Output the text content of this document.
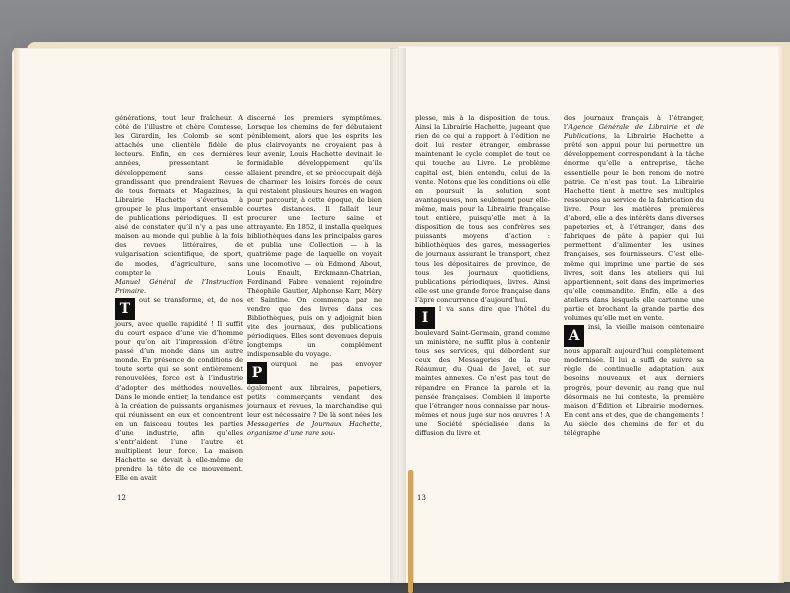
générations, tout leur fraîcheur. A côté de l’illustre et chère Comtesse, les Girardin, les Colomb se sont attachés une clientèle fidèle de lecteurs. Enfin, en ces dernières années, pressentant le développement sans cesse grandissant que prendraient Revues de tous formats et Magazines, la Librairie Hachette s’évertua à grouper le plus important ensemble de publications périodiques. Il est aisé de constater qu’il n’y a pas une maison au monde qui publie à la fois des revues littéraires, de vulgarisation scientifique, de sport, de modes, d’agriculture, sans compter le

Manuel Général de l’Instruction Primaire.

Tout se transforme, et, de nos jours, avec quelle rapidité ! Il suffit du court espace d’une vie d’homme pour qu’on ait l’impression d’être passé d’un monde dans un autre monde. En présence de conditions de toute sorte qui se sont entièrement renouvelées, force est à l’industrie d’adopter des méthodes nouvelles. Dans le monde entier, la tendance est à la création de puissants organismes qui réunissent en eux et concentrent en un faisceau toutes les parties d’une industrie, afin qu’elles s’entr’aident l’une l’autre et multiplient leur force. La maison Hachette se devait à elle-même de prendre la tête de ce mouvement. Elle en avait

discerné les premiers symptômes. Lorsque les chemins de fer débutaient péniblement, alors que les esprits les plus clairvoyants ne croyaient pas à leur avenir, Louis Hachette devinait le formidable développement qu’ils allaient prendre, et se préoccupait déjà de charmer les loisirs forcés de ceux qui restaient plusieurs heures en wagon pour parcourir, à cette époque, de bien courtes distances. Il fallait leur procurer une lecture saine et attrayante. En 1852, il installa quelques bibliothèques dans les principales gares et publia une Collection — à la quatrième page de laquelle on voyait une locomotive — où Edmond About, Louis Enault, Erckmann-Chatrian, Ferdinand Fabre venaient rejoindre Théophile Gautier, Alphonse Karr, Méry et Saintine. On commença par ne vendre que des livres dans ces Bibliothèques, puis on y adjoignit bien vite des journaux, des publications périodiques. Elles sont devenues depuis longtemps un complément indispensable du voyage.

Pourquoi ne pas envoyer également aux libraires, papetiers, petits commerçants vendant des journaux et revues, la marchandise qui leur est nécessaire ? De là sont nées les Messageries de Journaux Hachette, organisme d’une rare sou-

12

plesse, mis à la disposition de tous. Ainsi la Librairie Hachette, jugeant que rien de ce qui a rapport à l’édition ne doit lui rester étranger, embrasse maintenant le cycle complet de tout ce qui touche au Livre. Le problème capital est, bien entendu, celui de la vente. Notons que les conditions où elle en poursuit la solution sont avantageuses, non seulement pour elle-même, mais pour la Librairie française tout entière, puisqu’elle met à la disposition de tous ses confrères ses puissants moyens d’action : bibliothèques des gares, messageries de journaux assurant le transport, chez tous les dépositaires de province, de tous les journaux quotidiens, publications périodiques, livres. Ainsi elle est une grande force française dans l’âpre concurrence d’aujourd’hui.

Il va sans dire que l’hôtel du boulevard Saint-Germain, grand comme un ministère, ne suffit plus à contenir tous ses services, qui débordent sur ceux des Messageries de la rue Réaumur, du Quai de Javel, et sur maintes annexes. Ce n’est pas tout de répandre en France la parole et la pensée françaises. Combien il importe que l’étranger nous connaisse par nous-mêmes et nous juge sur nos œuvres ! A une Société spécialisée dans la diffusion du livre et

des journaux français à l’étranger, l’Agence Générale de Librairie et de Publications, la Librairie Hachette a prêté son appui pour lui permettre un développement correspondant à la tâche énorme qu’elle a entreprise, tâche essentielle pour le bon renom de notre patrie. Ce n’est pas tout. La Librairie Hachette tient à mettre ses multiples ressources au service de la fabrication du livre. Pour les matières premières d’abord, elle a des intérêts dans diverses papeteries et, à l’étranger, dans des fabriques de pâte à papier qui lui permettent d’alimenter les usines françaises, ses fournisseurs. C’est elle-même qui imprime une partie de ses livres, soit dans les ateliers qui lui appartiennent, soit dans des imprimeries qu’elle commandite. Enfin, elle a des ateliers dans lesquels elle cartonne une partie et brochant la grande partie des volumes qu’elle met en vente.

Ainsi, la vieille maison centenaire nous apparaît aujourd’hui complètement modernisée. Il lui a suffi de suivre sa règle de continuelle adaptation aux besoins nouveaux et aux derniers progrès, pour devenir, au rang que nul désormais ne lui conteste, la première maison d’Édition et Librairie modernes. En cent ans et des, que de changements ! Au siècle des chemins de fer et du télégraphe

13
